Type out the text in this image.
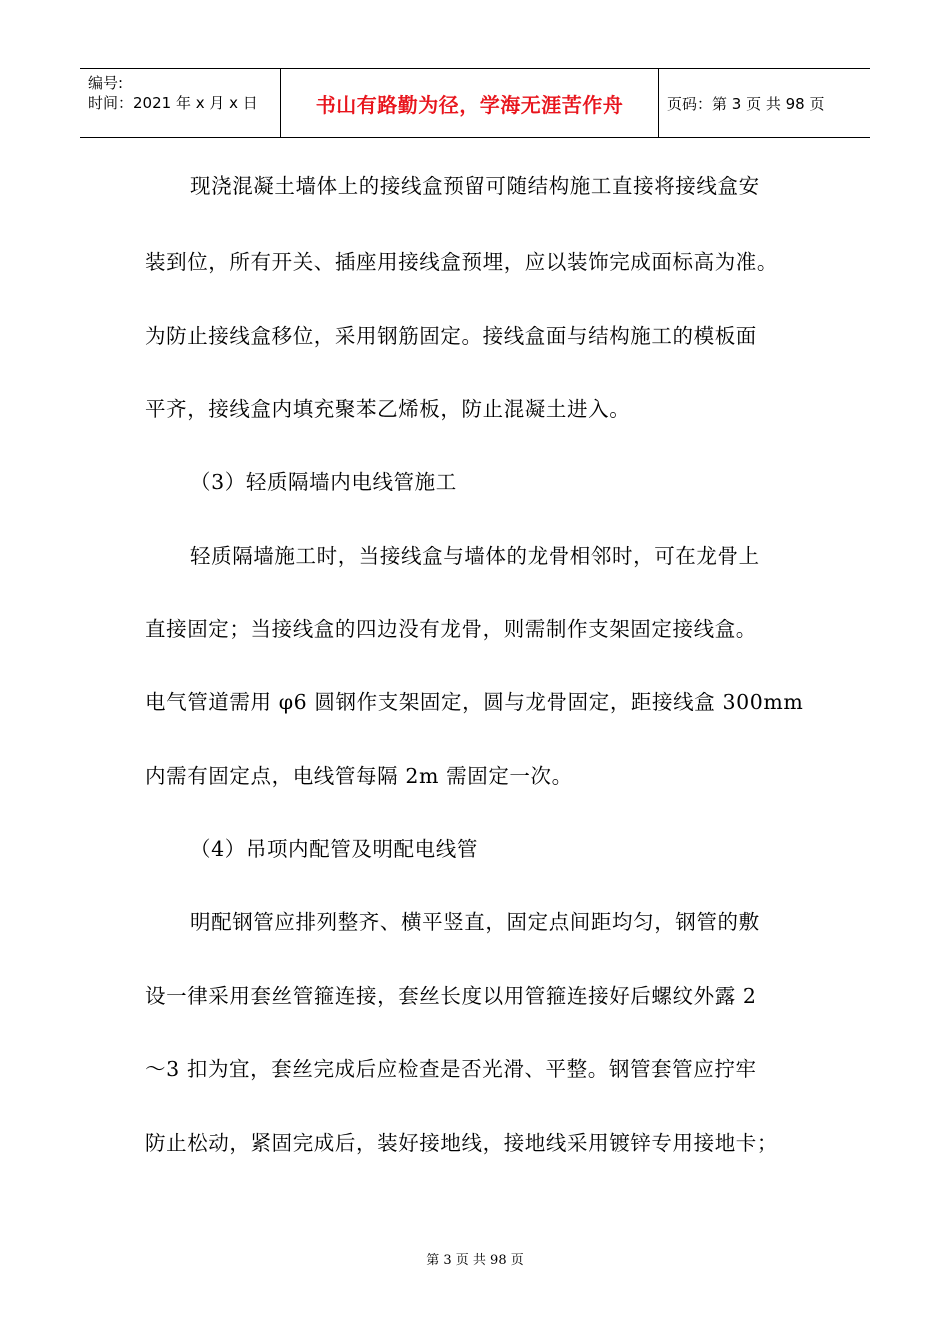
编号:
时间：2021 年 x 月 x 日	书山有路勤为径，学海无涯苦作舟	页码：第 3 页 共 98 页

现浇混凝土墙体上的接线盒预留可随结构施工直接将接线盒安

装到位，所有开关、插座用接线盒预埋，应以装饰完成面标高为准。

为防止接线盒移位，采用钢筋固定。接线盒面与结构施工的模板面

平齐，接线盒内填充聚苯乙烯板，防止混凝土进入。

（3）轻质隔墙内电线管施工

轻质隔墙施工时，当接线盒与墙体的龙骨相邻时，可在龙骨上

直接固定；当接线盒的四边没有龙骨，则需制作支架固定接线盒。

电气管道需用 φ6 圆钢作支架固定，圆与龙骨固定，距接线盒 300mm

内需有固定点，电线管每隔 2m 需固定一次。

（4）吊项内配管及明配电线管

明配钢管应排列整齐、横平竖直，固定点间距均匀，钢管的敷

设一律采用套丝管箍连接，套丝长度以用管箍连接好后螺纹外露 2

～3 扣为宜，套丝完成后应检查是否光滑、平整。钢管套管应拧牢

防止松动，紧固完成后，装好接地线，接地线采用镀锌专用接地卡；

第 3 页 共 98 页
